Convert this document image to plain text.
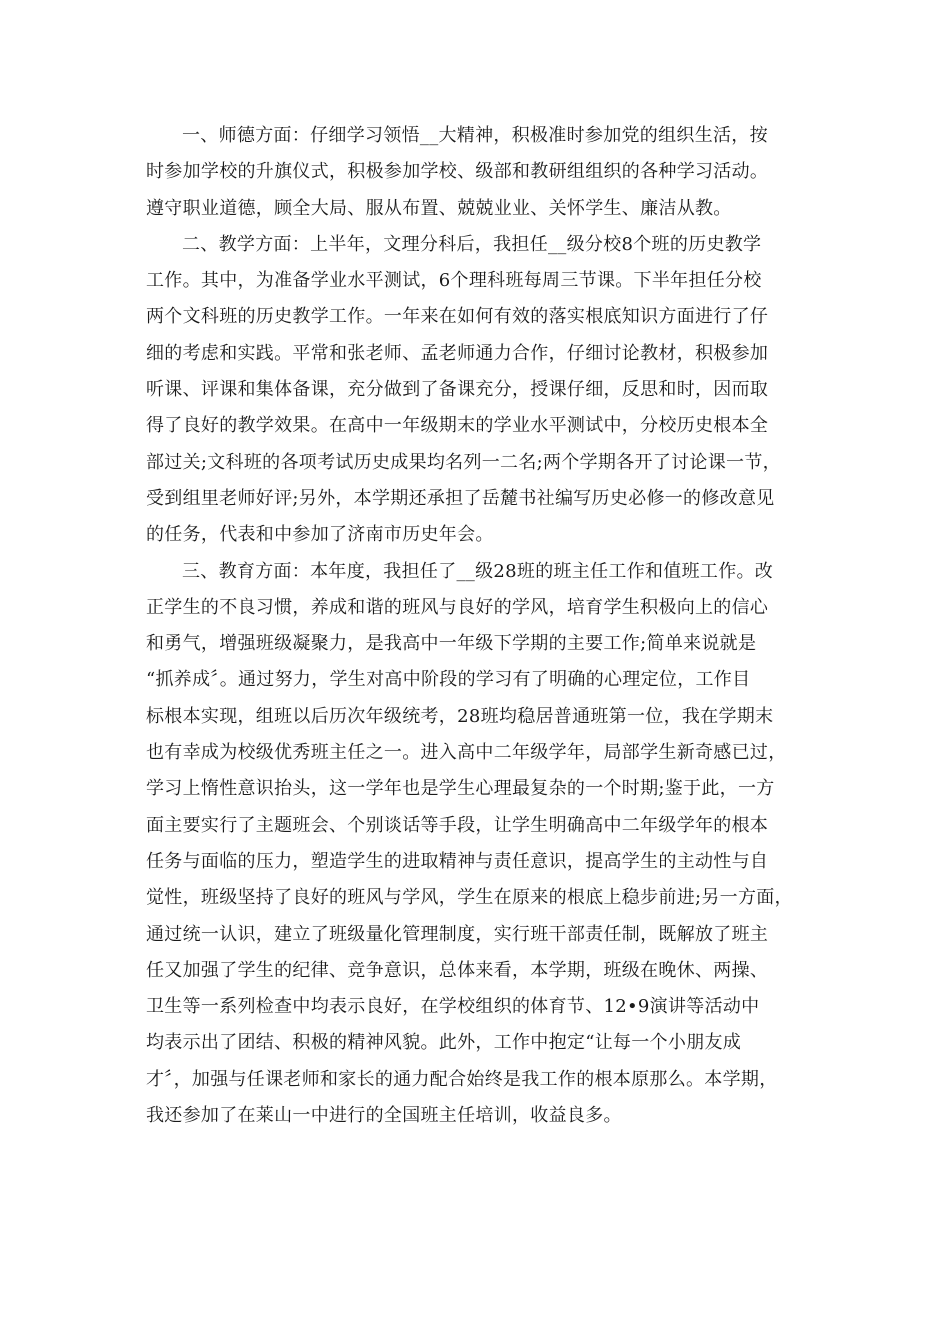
一、师德方面：仔细学习领悟__大精神，积极准时参加党的组织生活，按
时参加学校的升旗仪式，积极参加学校、级部和教研组组织的各种学习活动。
遵守职业道德，顾全大局、服从布置、兢兢业业、关怀学生、廉洁从教。
二、教学方面：上半年，文理分科后，我担任__级分校8个班的历史教学
工作。其中，为准备学业水平测试，6个理科班每周三节课。下半年担任分校
两个文科班的历史教学工作。一年来在如何有效的落实根底知识方面进行了仔
细的考虑和实践。平常和张老师、孟老师通力合作，仔细讨论教材，积极参加
听课、评课和集体备课，充分做到了备课充分，授课仔细，反思和时，因而取
得了良好的教学效果。在高中一年级期末的学业水平测试中，分校历史根本全
部过关;文科班的各项考试历史成果均名列一二名;两个学期各开了讨论课一节，
受到组里老师好评;另外，本学期还承担了岳麓书社编写历史必修一的修改意见
的任务，代表和中参加了济南市历史年会。
三、教育方面：本年度，我担任了__级28班的班主任工作和值班工作。改
正学生的不良习惯，养成和谐的班风与良好的学风，培育学生积极向上的信心
和勇气，增强班级凝聚力，是我高中一年级下学期的主要工作;简单来说就是
“抓养成〞。通过努力，学生对高中阶段的学习有了明确的心理定位，工作目
标根本实现，组班以后历次年级统考，28班均稳居普通班第一位，我在学期末
也有幸成为校级优秀班主任之一。进入高中二年级学年，局部学生新奇感已过，
学习上惰性意识抬头，这一学年也是学生心理最复杂的一个时期;鉴于此，一方
面主要实行了主题班会、个别谈话等手段，让学生明确高中二年级学年的根本
任务与面临的压力，塑造学生的进取精神与责任意识，提高学生的主动性与自
觉性，班级坚持了良好的班风与学风，学生在原来的根底上稳步前进;另一方面，
通过统一认识，建立了班级量化管理制度，实行班干部责任制，既解放了班主
任又加强了学生的纪律、竞争意识，总体来看，本学期，班级在晚休、两操、
卫生等一系列检查中均表示良好，在学校组织的体育节、12•9演讲等活动中
均表示出了团结、积极的精神风貌。此外，工作中抱定“让每一个小朋友成
才〞，加强与任课老师和家长的通力配合始终是我工作的根本原那么。本学期，
我还参加了在莱山一中进行的全国班主任培训，收益良多。
